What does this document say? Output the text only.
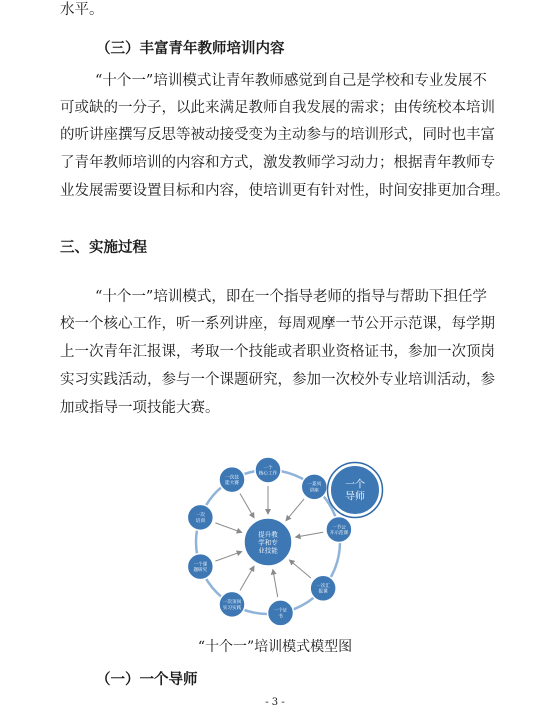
水平。
（三）丰富青年教师培训内容
“十个一”培训模式让青年教师感觉到自己是学校和专业发展不
可或缺的一分子，以此来满足教师自我发展的需求；由传统校本培训
的听讲座撰写反思等被动接受变为主动参与的培训形式，同时也丰富
了青年教师培训的内容和方式，激发教师学习动力；根据青年教师专
业发展需要设置目标和内容，使培训更有针对性，时间安排更加合理。
三、实施过程
“十个一”培训模式，即在一个指导老师的指导与帮助下担任学
校一个核心工作，听一系列讲座，每周观摩一节公开示范课，每学期
上一次青年汇报课，考取一个技能或者职业资格证书，参加一次顶岗
实习实践活动，参与一个课题研究，参加一次校外专业培训活动，参
加或指导一项技能大赛。
一个核心工作
一系列讲座
一节公开示范课
一次汇报课
一个证书
一次顶岗实习实践
一个课题研究
一次培训
一次技能大赛
提升教学和专业技能
一个导师
“十个一”培训模式模型图
（一）一个导师
- 3 -
